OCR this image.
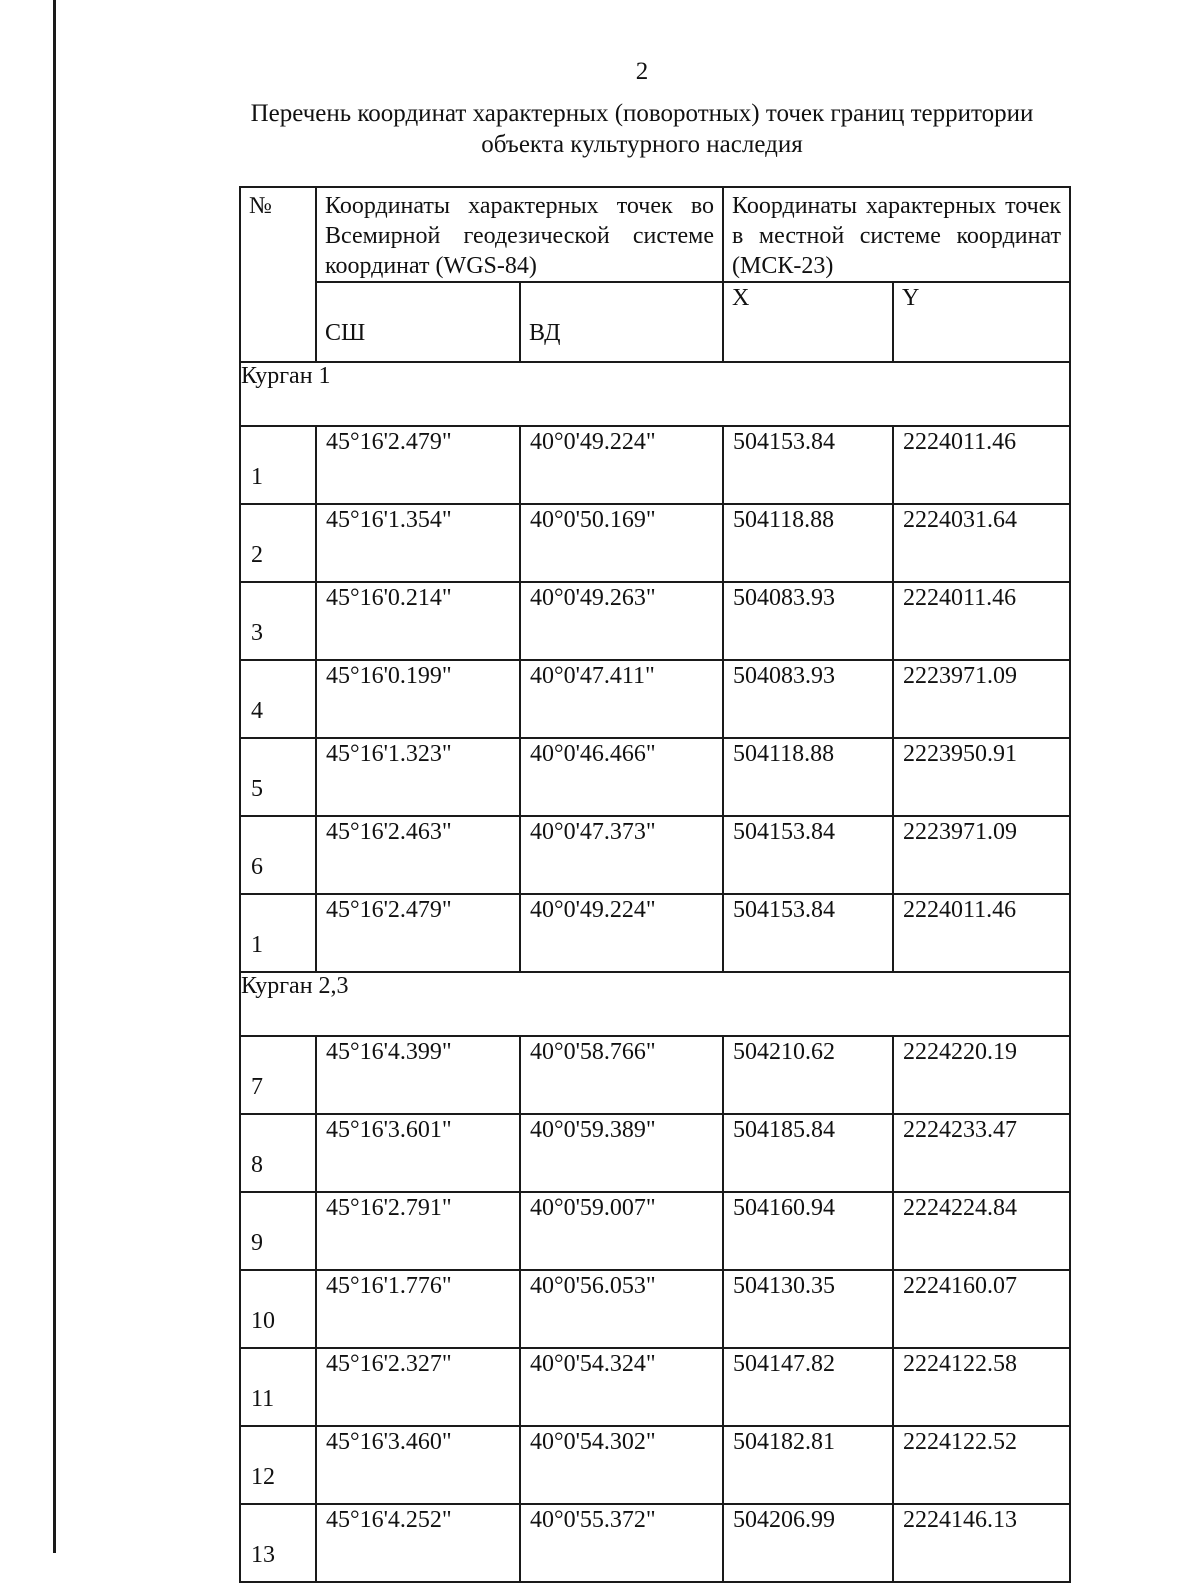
2
Перечень координат характерных (поворотных) точек границ территории
объекта культурного наследия
№	Координаты характерных точек во Всемирной геодезической системе координат (WGS-84)		Координаты характерных точек в местной системе координат (МСК-23)	
	СШ	ВД	X	Y
Курган 1				
1	45°16'2.479"	40°0'49.224"	504153.84	2224011.46
2	45°16'1.354"	40°0'50.169"	504118.88	2224031.64
3	45°16'0.214"	40°0'49.263"	504083.93	2224011.46
4	45°16'0.199"	40°0'47.411"	504083.93	2223971.09
5	45°16'1.323"	40°0'46.466"	504118.88	2223950.91
6	45°16'2.463"	40°0'47.373"	504153.84	2223971.09
1	45°16'2.479"	40°0'49.224"	504153.84	2224011.46
Курган 2,3				
7	45°16'4.399"	40°0'58.766"	504210.62	2224220.19
8	45°16'3.601"	40°0'59.389"	504185.84	2224233.47
9	45°16'2.791"	40°0'59.007"	504160.94	2224224.84
10	45°16'1.776"	40°0'56.053"	504130.35	2224160.07
11	45°16'2.327"	40°0'54.324"	504147.82	2224122.58
12	45°16'3.460"	40°0'54.302"	504182.81	2224122.52
13	45°16'4.252"	40°0'55.372"	504206.99	2224146.13
